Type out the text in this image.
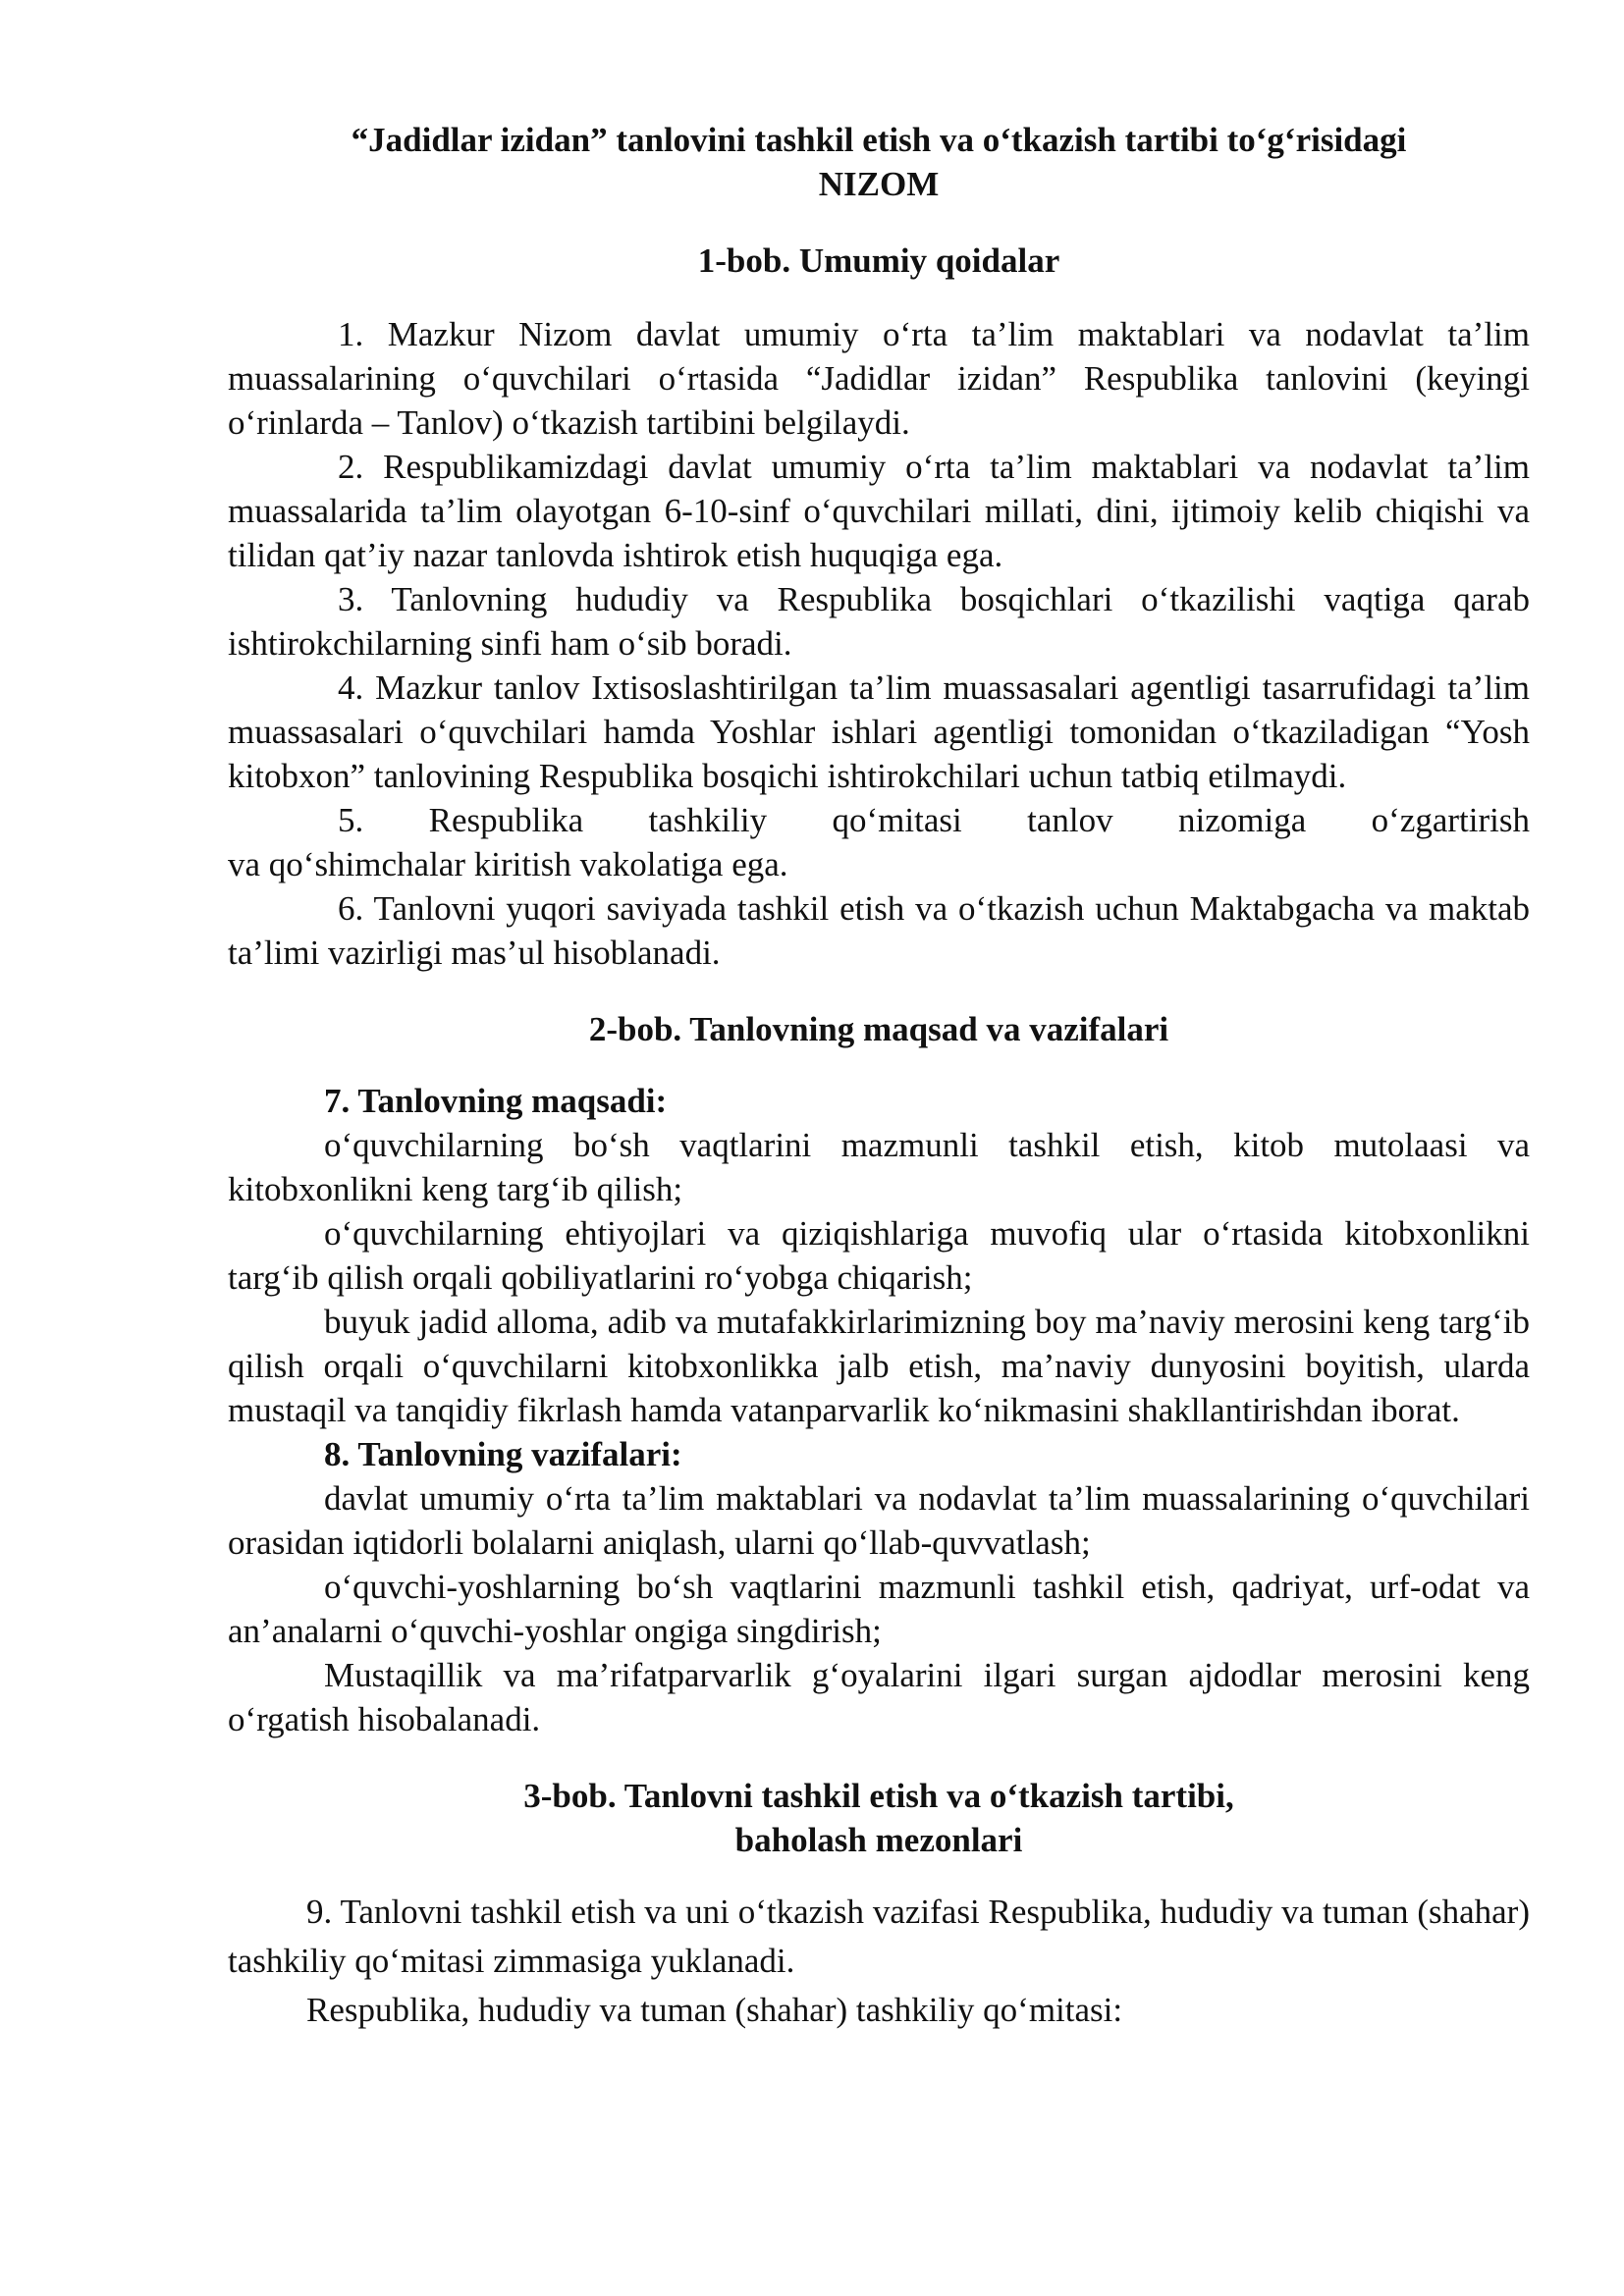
“Jadidlar izidan” tanlovini tashkil etish va o‘tkazish tartibi to‘g‘risidagi

NIZOM

1-bob. Umumiy qoidalar

1. Mazkur Nizom davlat umumiy o‘rta ta’lim maktablari va nodavlat ta’lim muassalarining o‘quvchilari o‘rtasida “Jadidlar izidan” Respublika tanlovini (keyingi o‘rinlarda – Tanlov) o‘tkazish tartibini belgilaydi.

2. Respublikamizdagi davlat umumiy o‘rta ta’lim maktablari va nodavlat ta’lim muassalarida ta’lim olayotgan 6-10-sinf o‘quvchilari millati, dini, ijtimoiy kelib chiqishi va tilidan qat’iy nazar tanlovda ishtirok etish huquqiga ega.

3. Tanlovning hududiy va Respublika bosqichlari o‘tkazilishi vaqtiga qarab ishtirokchilarning sinfi ham o‘sib boradi.

4. Mazkur tanlov Ixtisoslashtirilgan ta’lim muassasalari agentligi tasarrufidagi ta’lim muassasalari o‘quvchilari hamda Yoshlar ishlari agentligi tomonidan o‘tkaziladigan “Yosh kitobxon” tanlovining Respublika bosqichi ishtirokchilari uchun tatbiq etilmaydi.

5. Respublika tashkiliy qo‘mitasi tanlov nizomiga o‘zgartirish

va qo‘shimchalar kiritish vakolatiga ega.

6. Tanlovni yuqori saviyada tashkil etish va o‘tkazish uchun Maktabgacha va maktab ta’limi vazirligi mas’ul hisoblanadi.

2-bob. Tanlovning maqsad va vazifalari

7. Tanlovning maqsadi:

o‘quvchilarning bo‘sh vaqtlarini mazmunli tashkil etish, kitob mutolaasi va kitobxonlikni keng targ‘ib qilish;

o‘quvchilarning ehtiyojlari va qiziqishlariga muvofiq ular o‘rtasida kitobxonlikni targ‘ib qilish orqali qobiliyatlarini ro‘yobga chiqarish;

buyuk jadid alloma, adib va mutafakkirlarimizning boy ma’naviy merosini keng targ‘ib qilish orqali o‘quvchilarni kitobxonlikka jalb etish, ma’naviy dunyosini boyitish, ularda mustaqil va tanqidiy fikrlash hamda vatanparvarlik ko‘nikmasini shakllantirishdan iborat.

8. Tanlovning vazifalari:

davlat umumiy o‘rta ta’lim maktablari va nodavlat ta’lim muassalarining o‘quvchilari orasidan iqtidorli bolalarni aniqlash, ularni qo‘llab-quvvatlash;

o‘quvchi-yoshlarning bo‘sh vaqtlarini mazmunli tashkil etish, qadriyat, urf-odat va an’analarni o‘quvchi-yoshlar ongiga singdirish;

Mustaqillik va ma’rifatparvarlik g‘oyalarini ilgari surgan ajdodlar merosini keng o‘rgatish hisobalanadi.

3-bob. Tanlovni tashkil etish va o‘tkazish tartibi,

baholash mezonlari

9. Tanlovni tashkil etish va uni o‘tkazish vazifasi Respublika, hududiy va tuman (shahar) tashkiliy qo‘mitasi zimmasiga yuklanadi.

Respublika, hududiy va tuman (shahar) tashkiliy qo‘mitasi:
